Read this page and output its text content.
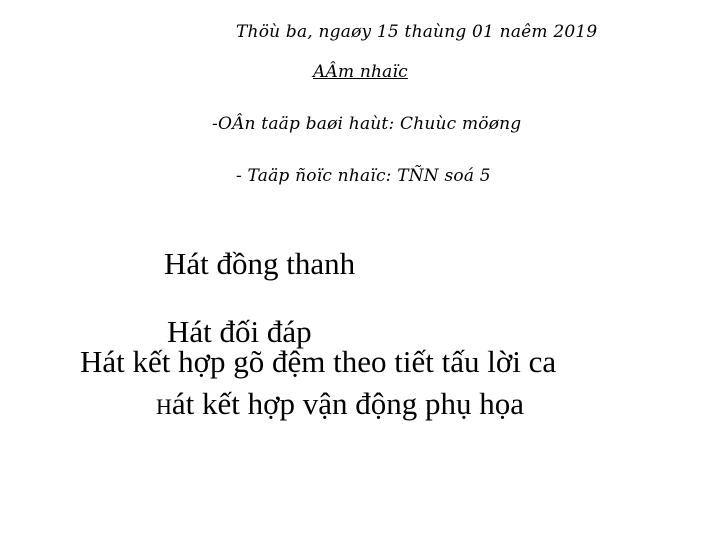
Thöù ba, ngaøy 15 thaùng 01 naêm 2019
AÂm nhaïc
-OÂn taäp baøi haùt: Chuùc möøng
- Taäp ñoïc nhaïc: TÑN soá 5
Hát đồng thanh
Hát đối đáp
Hát kết hợp gõ đệm theo tiết tấu lời ca
Hát kết hợp vận động phụ họa
